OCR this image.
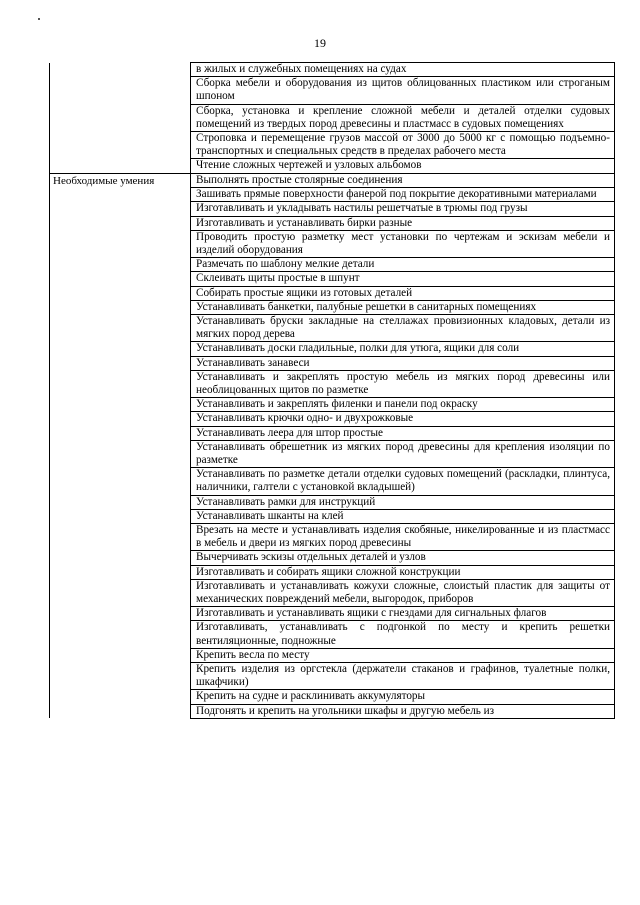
19
	в жилых и служебных помещениях на судах
	Сборка мебели и оборудования из щитов облицованных пластиком или строганым шпоном
	Сборка, установка и крепление сложной мебели и деталей отделки судовых помещений из твердых пород древесины и пластмасс в судовых помещениях
	Строповка и перемещение грузов массой от 3000 до 5000 кг с помощью подъемно-транспортных и специальных средств в пределах рабочего места
	Чтение сложных чертежей и узловых альбомов
Необходимые умения	Выполнять простые столярные соединения
	Зашивать прямые поверхности фанерой под покрытие декоративными материалами
	Изготавливать и укладывать настилы решетчатые в трюмы под грузы
	Изготавливать и устанавливать бирки разные
	Проводить простую разметку мест установки по чертежам и эскизам мебели и изделий оборудования
	Размечать по шаблону мелкие детали
	Склеивать щиты простые в шпунт
	Собирать простые ящики из готовых деталей
	Устанавливать банкетки, палубные решетки в санитарных помещениях
	Устанавливать бруски закладные на стеллажах провизионных кладовых, детали из мягких пород дерева
	Устанавливать доски гладильные, полки для утюга, ящики для соли
	Устанавливать занавеси
	Устанавливать и закреплять простую мебель из мягких пород древесины или необлицованных щитов по разметке
	Устанавливать и закреплять филенки и панели под окраску
	Устанавливать крючки одно- и двухрожковые
	Устанавливать леера для штор простые
	Устанавливать обрешетник из мягких пород древесины для крепления изоляции по разметке
	Устанавливать по разметке детали отделки судовых помещений (раскладки, плинтуса, наличники, галтели с установкой вкладышей)
	Устанавливать рамки для инструкций
	Устанавливать шканты на клей
	Врезать на месте и устанавливать изделия скобяные, никелированные и из пластмасс в мебель и двери из мягких пород древесины
	Вычерчивать эскизы отдельных деталей и узлов
	Изготавливать и собирать ящики сложной конструкции
	Изготавливать и устанавливать кожухи сложные, слоистый пластик для защиты от механических повреждений мебели, выгородок, приборов
	Изготавливать и устанавливать ящики с гнездами для сигнальных флагов
	Изготавливать, устанавливать с подгонкой по месту и крепить решетки вентиляционные, подножные
	Крепить весла по месту
	Крепить изделия из оргстекла (держатели стаканов и графинов, туалетные полки, шкафчики)
	Крепить на судне и расклинивать аккумуляторы
	Подгонять и крепить на угольники шкафы и другую мебель из
